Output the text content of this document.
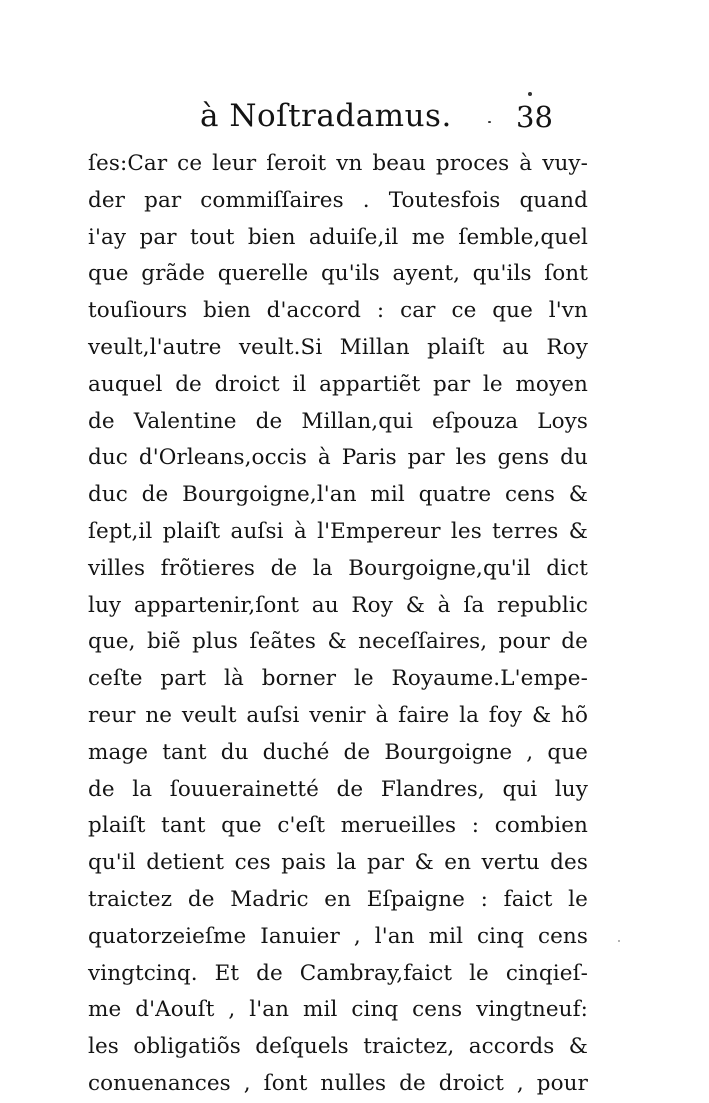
à Noſtradamus. 38
ſes:Car ce leur ſeroit vn beau proces à vuy-
der par commiſſaires . Toutesfois quand
i'ay par tout bien aduiſe,il me ſemble,quel
que grãde querelle qu'ils ayent, qu'ils ſont
touſiours bien d'accord : car ce que l'vn
veult,l'autre veult.Si Millan plaiſt au Roy
auquel de droict il appartiẽt par le moyen
de Valentine de Millan,qui eſpouza Loys
duc d'Orleans,occis à Paris par les gens du
duc de Bourgoigne,l'an mil quatre cens &
ſept,il plaiſt auſsi à l'Empereur les terres &
villes frõtieres de la Bourgoigne,qu'il dict
luy appartenir,ſont au Roy & à ſa republic
que, biẽ plus ſeãtes & neceſſaires, pour de
ceſte part là borner le Royaume.L'empe-
reur ne veult auſsi venir à faire la foy & hõ
mage tant du duché de Bourgoigne , que
de la ſouuerainetté de Flandres, qui luy
plaiſt tant que c'eſt merueilles : combien
qu'il detient ces pais la par & en vertu des
traictez de Madric en Eſpaigne : faict le
quatorzeieſme Ianuier , l'an mil cinq cens
vingtcinq. Et de Cambray,faict le cinqieſ-
me d'Aouſt , l'an mil cinq cens vingtneuf:
les obligatiõs deſquels traictez, accords &
conuenances , ſont nulles de droict , pour
